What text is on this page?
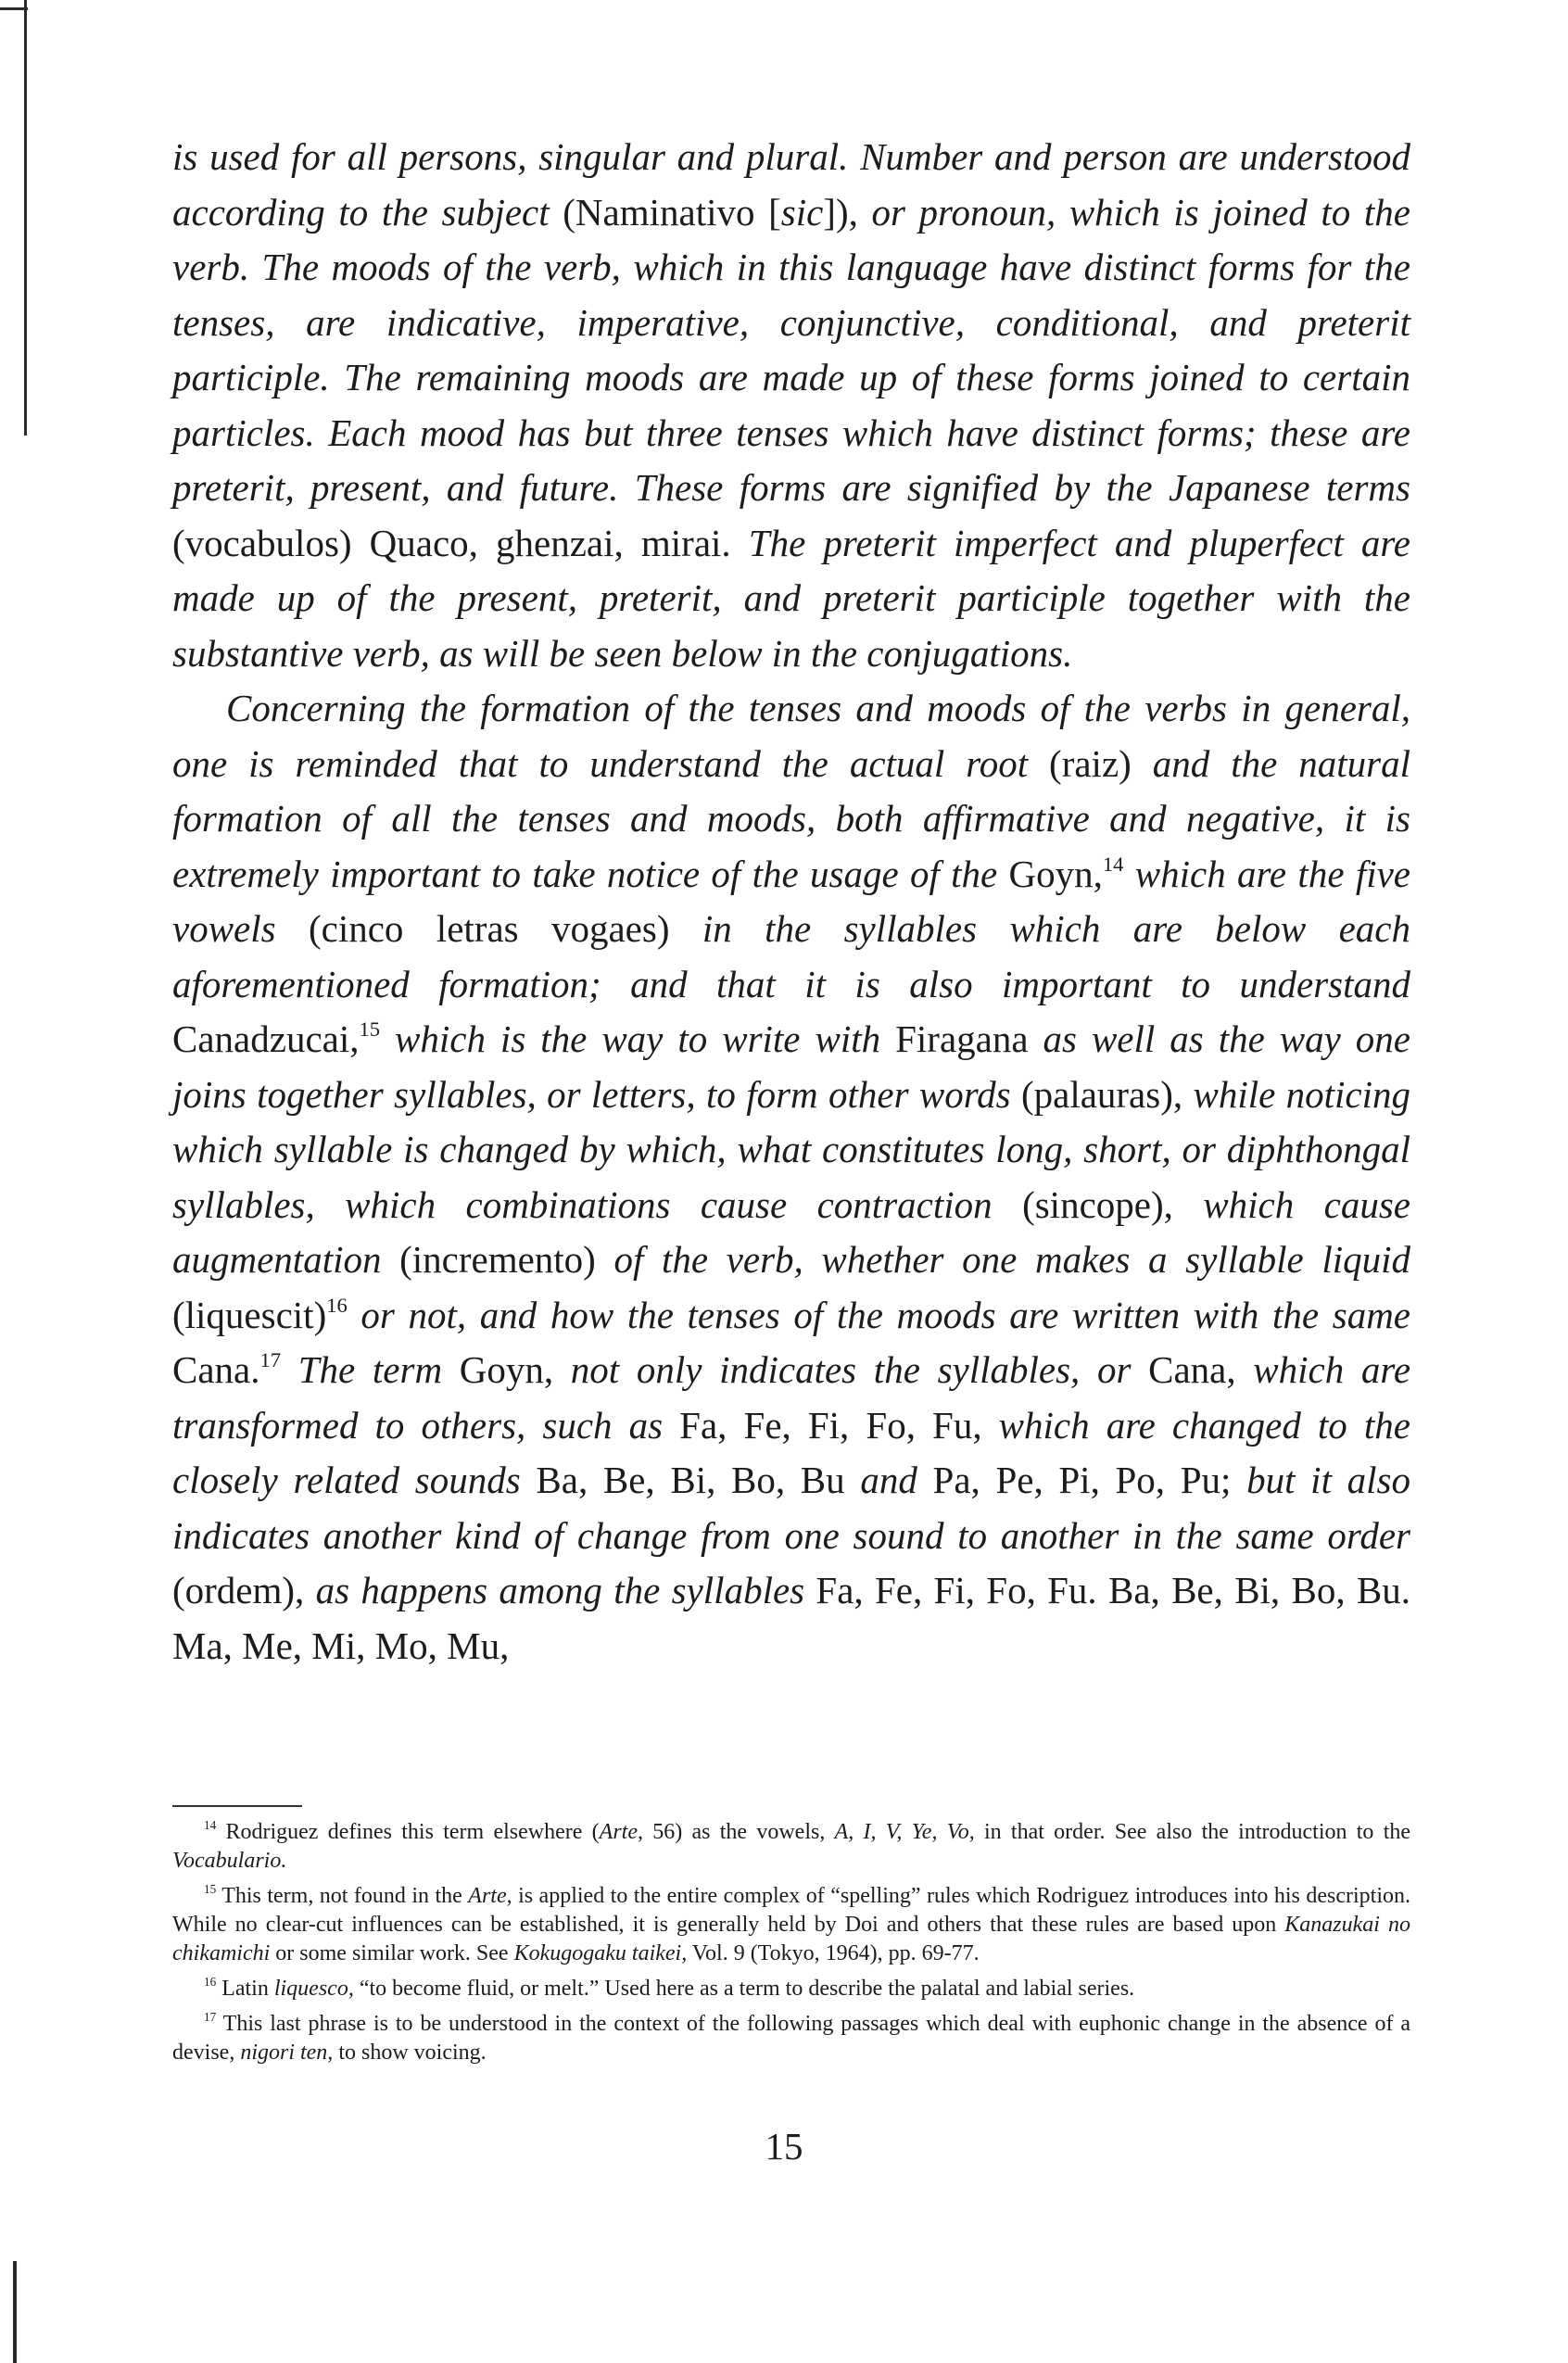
is used for all persons, singular and plural. Number and person are understood according to the subject (Naminativo [sic]), or pronoun, which is joined to the verb. The moods of the verb, which in this language have distinct forms for the tenses, are indicative, imperative, conjunctive, conditional, and preterit participle. The remaining moods are made up of these forms joined to certain particles. Each mood has but three tenses which have distinct forms; these are preterit, present, and future. These forms are signified by the Japanese terms (vocabulos) Quaco, ghenzai, mirai. The preterit imperfect and pluperfect are made up of the present, preterit, and preterit participle together with the substantive verb, as will be seen below in the conjugations.

Concerning the formation of the tenses and moods of the verbs in general, one is reminded that to understand the actual root (raiz) and the natural formation of all the tenses and moods, both affirmative and negative, it is extremely important to take notice of the usage of the Goyn,$^{14}$ which are the five vowels (cinco letras vogaes) in the syllables which are below each aforementioned formation; and that it is also important to understand Canadzucai,$^{15}$ which is the way to write with Firagana as well as the way one joins together syllables, or letters, to form other words (palauras), while noticing which syllable is changed by which, what constitutes long, short, or diphthongal syllables, which combinations cause contraction (sincope), which cause augmentation (incremento) of the verb, whether one makes a syllable liquid (liquescit)$^{16}$ or not, and how the tenses of the moods are written with the same Cana.$^{17}$ The term Goyn, not only indicates the syllables, or Cana, which are transformed to others, such as Fa, Fe, Fi, Fo, Fu, which are changed to the closely related sounds Ba, Be, Bi, Bo, Bu and Pa, Pe, Pi, Po, Pu; but it also indicates another kind of change from one sound to another in the same order (ordem), as happens among the syllables Fa, Fe, Fi, Fo, Fu. Ba, Be, Bi, Bo, Bu. Ma, Me, Mi, Mo, Mu,

$^{14}$ Rodriguez defines this term elsewhere (Arte, 56) as the vowels, A, I, V, Ye, Vo, in that order. See also the introduction to the Vocabulario.

$^{15}$ This term, not found in the Arte, is applied to the entire complex of “spelling” rules which Rodriguez introduces into his description. While no clear-cut influences can be established, it is generally held by Doi and others that these rules are based upon Kanazukai no chikamichi or some similar work. See Kokugogaku taikei, Vol. 9 (Tokyo, 1964), pp. 69-77.

$^{16}$ Latin liquesco, “to become fluid, or melt.” Used here as a term to describe the palatal and labial series.

$^{17}$ This last phrase is to be understood in the context of the following passages which deal with euphonic change in the absence of a devise, nigori ten, to show voicing.

15
